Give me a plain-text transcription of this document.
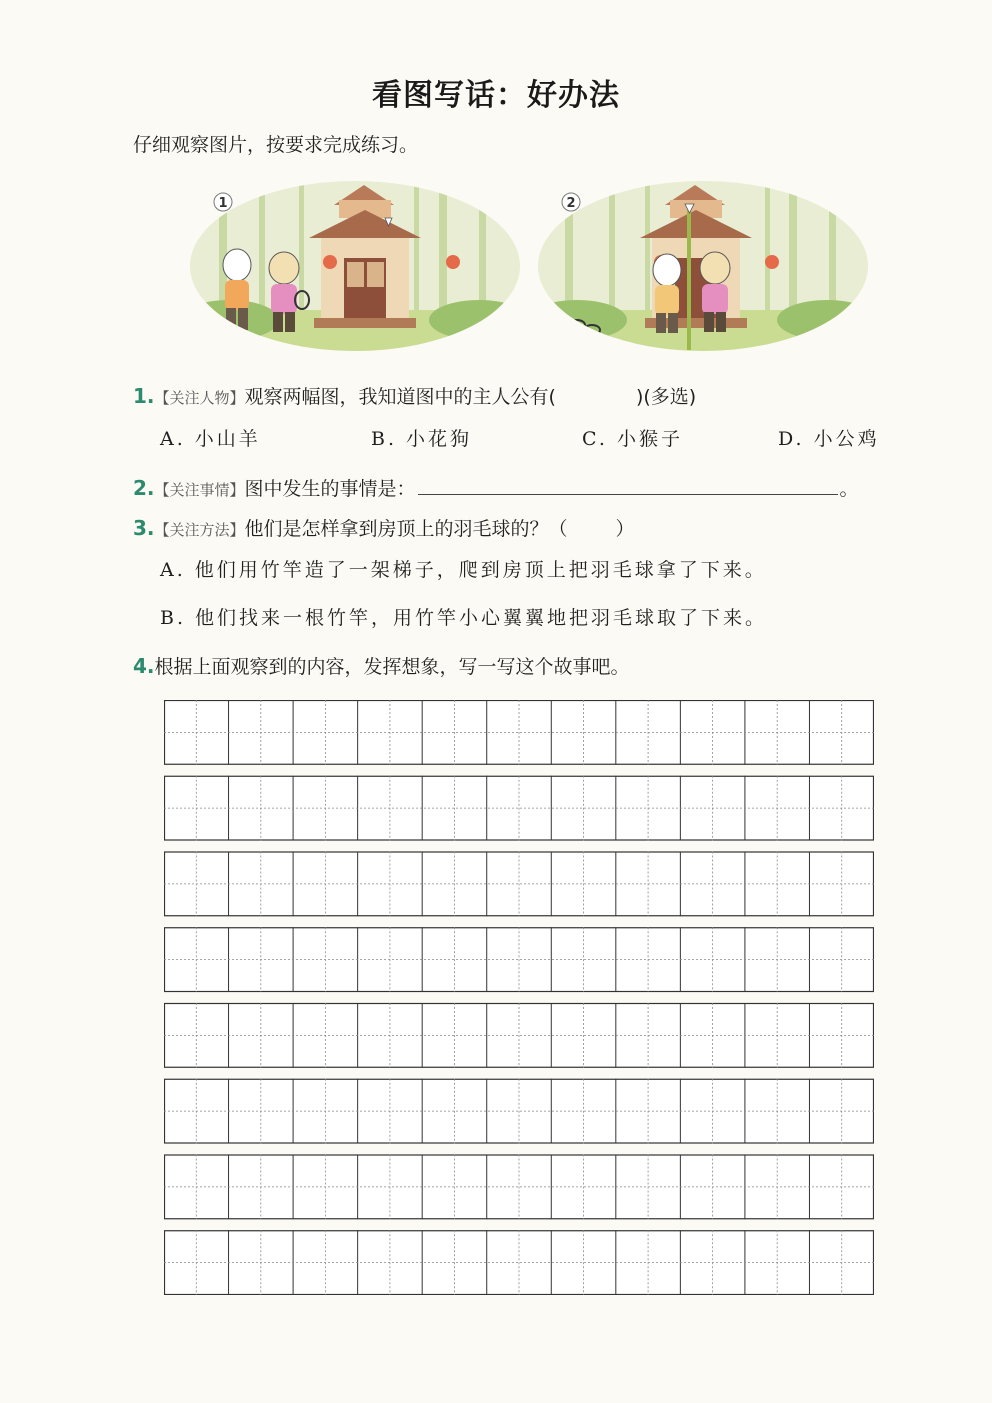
看图写话：好办法
仔细观察图片，按要求完成练习。
1	2
1.【关注人物】观察两幅图，我知道图中的主人公有(	)(多选)
A. 小山羊	B. 小花狗	C. 小猴子	D. 小公鸡
2.【关注事情】图中发生的事情是：	。
3.【关注方法】他们是怎样拿到房顶上的羽毛球的？（	）
A. 他们用竹竿造了一架梯子，爬到房顶上把羽毛球拿了下来。
B. 他们找来一根竹竿，用竹竿小心翼翼地把羽毛球取了下来。
4.根据上面观察到的内容，发挥想象，写一写这个故事吧。
